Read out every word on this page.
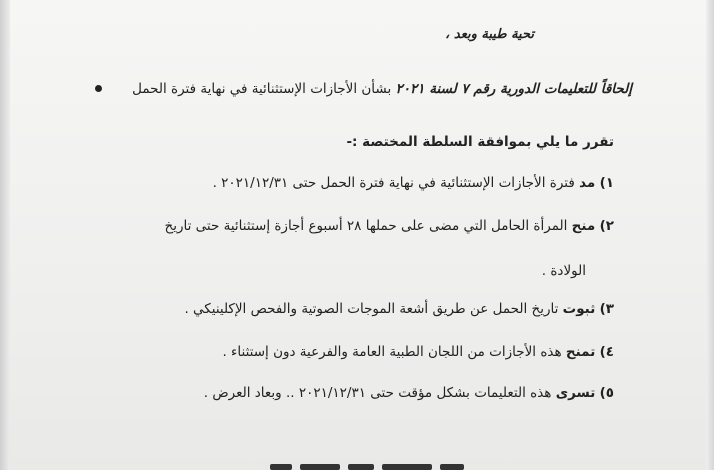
تحية طيبة وبعد ،
إلحاقاً للتعليمات الدورية رقم ٧ لسنة ٢٠٢١ بشأن الأجازات الإستثنائية في نهاية فترة الحمل
تقرر ما يلي بموافقة السلطة المختصة :-
١) مد فترة الأجازات الإستثنائية في نهاية فترة الحمل حتى ٢٠٢١/١٢/٣١ .
٢) منح المرأة الحامل التي مضى على حملها ٢٨ أسبوع أجازة إستثنائية حتى تاريخ
الولادة .
٣) ثبوت تاريخ الحمل عن طريق أشعة الموجات الصوتية والفحص الإكلينيكي .
٤) تمنح هذه الأجازات من اللجان الطبية العامة والفرعية دون إستثناء .
٥) تسرى هذه التعليمات بشكل مؤقت حتى ٢٠٢١/١٢/٣١ .. وبعاد العرض .
